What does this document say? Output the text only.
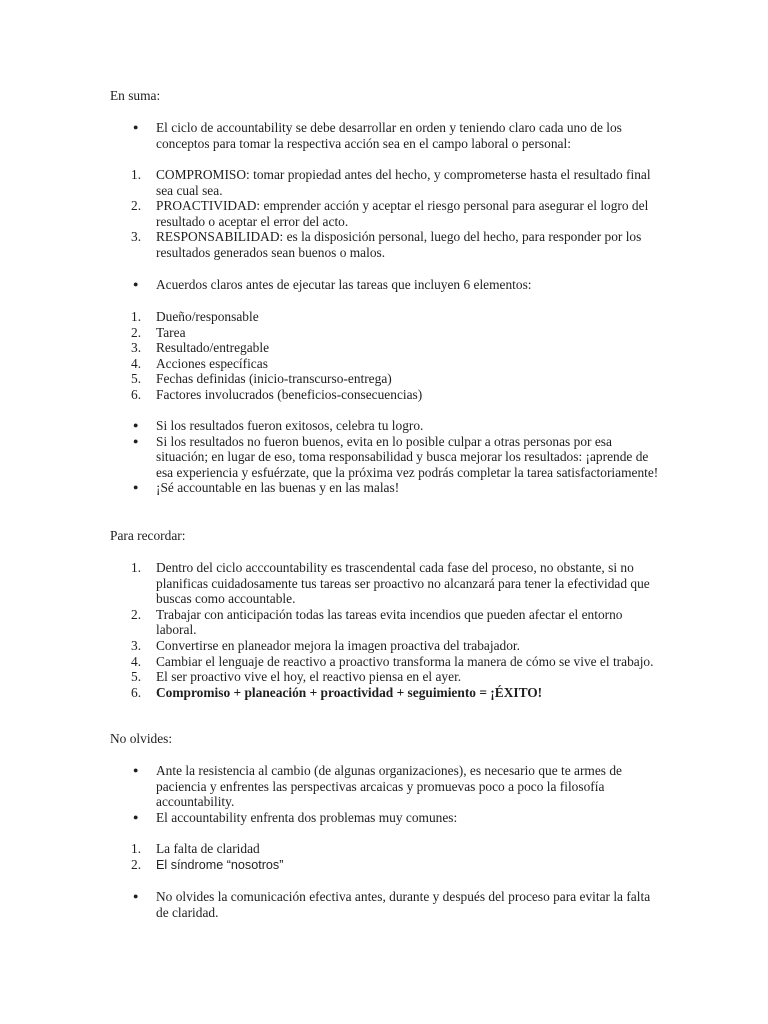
En suma:

● El ciclo de accountability se debe desarrollar en orden y teniendo claro cada uno de los conceptos para tomar la respectiva acción sea en el campo laboral o personal:
1. COMPROMISO: tomar propiedad antes del hecho, y comprometerse hasta el resultado final sea cual sea.
2. PROACTIVIDAD: emprender acción y aceptar el riesgo personal para asegurar el logro del resultado o aceptar el error del acto.
3. RESPONSABILIDAD: es la disposición personal, luego del hecho, para responder por los resultados generados sean buenos o malos.
● Acuerdos claros antes de ejecutar las tareas que incluyen 6 elementos:
1. Dueño/responsable
2. Tarea
3. Resultado/entregable
4. Acciones específicas
5. Fechas definidas (inicio-transcurso-entrega)
6. Factores involucrados (beneficios-consecuencias)
● Si los resultados fueron exitosos, celebra tu logro.
● Si los resultados no fueron buenos, evita en lo posible culpar a otras personas por esa situación; en lugar de eso, toma responsabilidad y busca mejorar los resultados: ¡aprende de esa experiencia y esfuérzate, que la próxima vez podrás completar la tarea satisfactoriamente!
● ¡Sé accountable en las buenas y en las malas!

Para recordar:

1. Dentro del ciclo acccountability es trascendental cada fase del proceso, no obstante, si no planificas cuidadosamente tus tareas ser proactivo no alcanzará para tener la efectividad que buscas como accountable.
2. Trabajar con anticipación todas las tareas evita incendios que pueden afectar el entorno laboral.
3. Convertirse en planeador mejora la imagen proactiva del trabajador.
4. Cambiar el lenguaje de reactivo a proactivo transforma la manera de cómo se vive el trabajo.
5. El ser proactivo vive el hoy, el reactivo piensa en el ayer.
6. Compromiso + planeación + proactividad + seguimiento = ¡ÉXITO!

No olvides:

● Ante la resistencia al cambio (de algunas organizaciones), es necesario que te armes de paciencia y enfrentes las perspectivas arcaicas y promuevas poco a poco la filosofía accountability.
● El accountability enfrenta dos problemas muy comunes:
1. La falta de claridad
2. El síndrome “nosotros”
● No olvides la comunicación efectiva antes, durante y después del proceso para evitar la falta de claridad.
